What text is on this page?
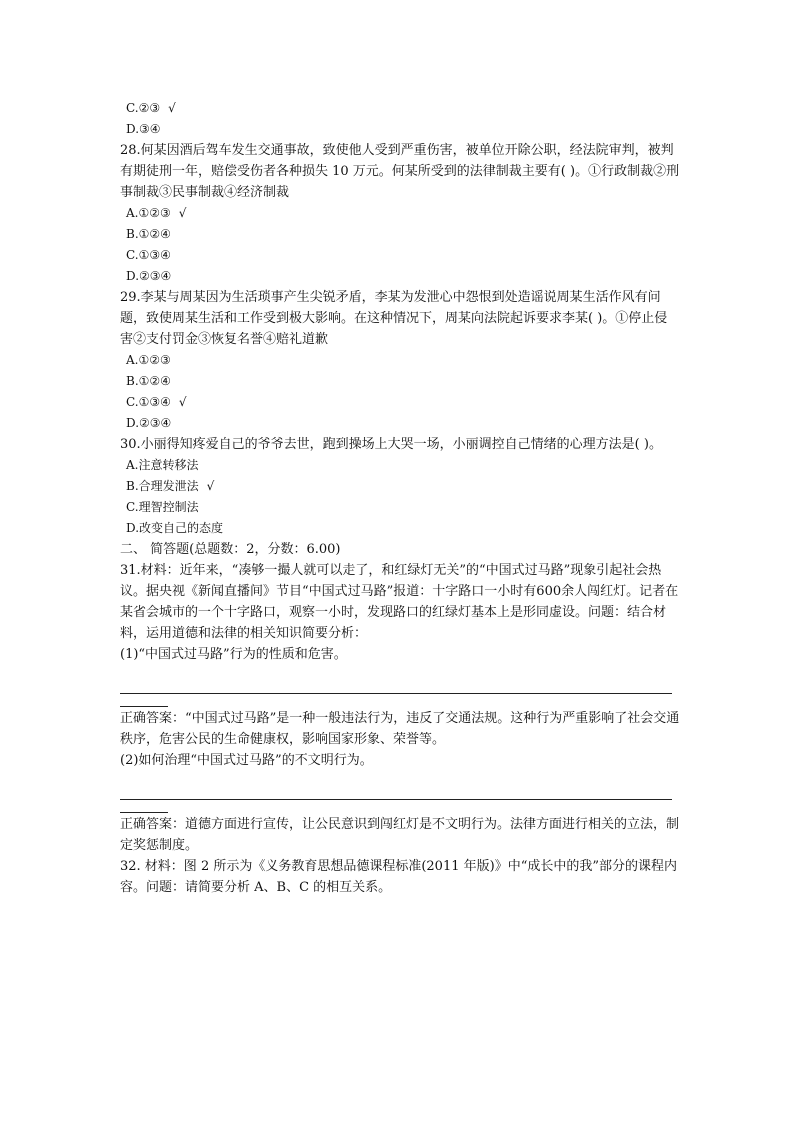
C.②③ √
D.③④
28.何某因酒后驾车发生交通事故，致使他人受到严重伤害，被单位开除公职，经法院审判，被判有期徒刑一年，赔偿受伤者各种损失 10 万元。何某所受到的法律制裁主要有( )。①行政制裁②刑事制裁③民事制裁④经济制裁
A.①②③ √
B.①②④
C.①③④
D.②③④
29.李某与周某因为生活琐事产生尖锐矛盾，李某为发泄心中怨恨到处造谣说周某生活作风有问题，致使周某生活和工作受到极大影响。在这种情况下，周某向法院起诉要求李某( )。①停止侵害②支付罚金③恢复名誉④赔礼道歉
A.①②③
B.①②④
C.①③④ √
D.②③④
30.小丽得知疼爱自己的爷爷去世，跑到操场上大哭一场，小丽调控自己情绪的心理方法是( )。
A.注意转移法
B.合理发泄法 √
C.理智控制法
D.改变自己的态度
二、 简答题(总题数：2，分数：6.00)
31.材料：近年来，“凑够一撮人就可以走了，和红绿灯无关”的“中国式过马路”现象引起社会热议。据央视《新闻直播间》节目“中国式过马路”报道：十字路口一小时有600余人闯红灯。记者在某省会城市的一个十字路口，观察一小时，发现路口的红绿灯基本上是形同虚设。问题：结合材料，运用道德和法律的相关知识简要分析：
(1)“中国式过马路”行为的性质和危害。
正确答案：“中国式过马路”是一种一般违法行为，违反了交通法规。这种行为严重影响了社会交通秩序，危害公民的生命健康权，影响国家形象、荣誉等。
(2)如何治理“中国式过马路”的不文明行为。
正确答案：道德方面进行宣传，让公民意识到闯红灯是不文明行为。法律方面进行相关的立法，制定奖惩制度。
32. 材料：图 2 所示为《义务教育思想品德课程标准(2011 年版)》中“成长中的我”部分的课程内容。问题：请简要分析 A、B、C 的相互关系。
